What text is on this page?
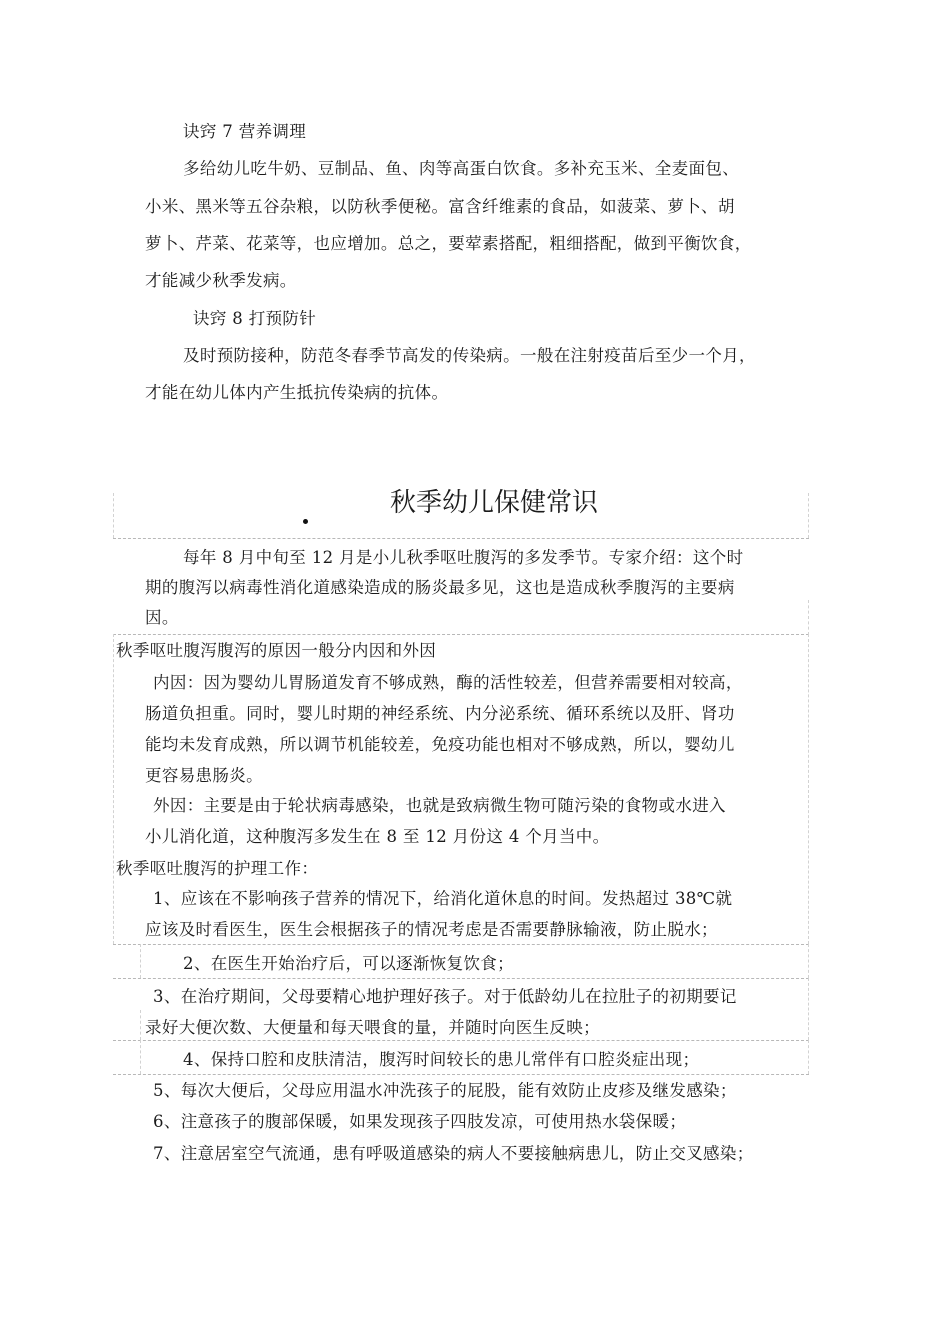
诀窍 7 营养调理
多给幼儿吃牛奶、豆制品、鱼、肉等高蛋白饮食。多补充玉米、全麦面包、
小米、黑米等五谷杂粮，以防秋季便秘。富含纤维素的食品，如菠菜、萝卜、胡
萝卜、芹菜、花菜等，也应增加。总之，要荤素搭配，粗细搭配，做到平衡饮食，
才能减少秋季发病。
诀窍 8 打预防针
及时预防接种，防范冬春季节高发的传染病。一般在注射疫苗后至少一个月，
才能在幼儿体内产生抵抗传染病的抗体。
秋季幼儿保健常识
每年 8 月中旬至 12 月是小儿秋季呕吐腹泻的多发季节。专家介绍：这个时
期的腹泻以病毒性消化道感染造成的肠炎最多见，这也是造成秋季腹泻的主要病
因。
秋季呕吐腹泻腹泻的原因一般分内因和外因
内因：因为婴幼儿胃肠道发育不够成熟，酶的活性较差，但营养需要相对较高，
肠道负担重。同时，婴儿时期的神经系统、内分泌系统、循环系统以及肝、肾功
能均未发育成熟，所以调节机能较差，免疫功能也相对不够成熟，所以，婴幼儿
更容易患肠炎。
外因：主要是由于轮状病毒感染，也就是致病微生物可随污染的食物或水进入
小儿消化道，这种腹泻多发生在 8 至 12 月份这 4 个月当中。
秋季呕吐腹泻的护理工作：
1、应该在不影响孩子营养的情况下，给消化道休息的时间。发热超过 38℃就
应该及时看医生，医生会根据孩子的情况考虑是否需要静脉输液，防止脱水；
2、在医生开始治疗后，可以逐渐恢复饮食；
3、在治疗期间，父母要精心地护理好孩子。对于低龄幼儿在拉肚子的初期要记
录好大便次数、大便量和每天喂食的量，并随时向医生反映；
4、保持口腔和皮肤清洁，腹泻时间较长的患儿常伴有口腔炎症出现；
5、每次大便后，父母应用温水冲洗孩子的屁股，能有效防止皮疹及继发感染；
6、注意孩子的腹部保暖，如果发现孩子四肢发凉，可使用热水袋保暖；
7、注意居室空气流通，患有呼吸道感染的病人不要接触病患儿，防止交叉感染；
